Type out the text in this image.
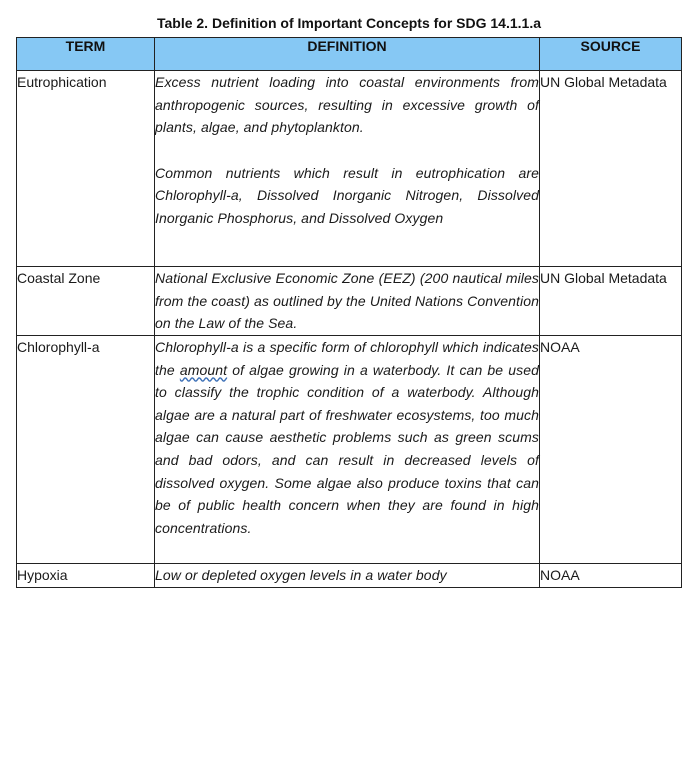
Table 2. Definition of Important Concepts for SDG 14.1.1.a
TERM	DEFINITION	SOURCE
Eutrophication	Excess nutrient loading into coastal environments from anthropogenic sources, resulting in excessive growth of plants, algae, and phytoplankton.

Common nutrients which result in eutrophication are Chlorophyll-a, Dissolved Inorganic Nitrogen, Dissolved Inorganic Phosphorus, and Dissolved Oxygen	UN Global Metadata
Coastal Zone	National Exclusive Economic Zone (EEZ) (200 nautical miles from the coast) as outlined by the United Nations Convention on the Law of the Sea.	UN Global Metadata
Chlorophyll-a	Chlorophyll-a is a specific form of chlorophyll which indicates the amount of algae growing in a waterbody. It can be used to classify the trophic condition of a waterbody. Although algae are a natural part of freshwater ecosystems, too much algae can cause aesthetic problems such as green scums and bad odors, and can result in decreased levels of dissolved oxygen. Some algae also produce toxins that can be of public health concern when they are found in high concentrations.	NOAA
Hypoxia	Low or depleted oxygen levels in a water body	NOAA
